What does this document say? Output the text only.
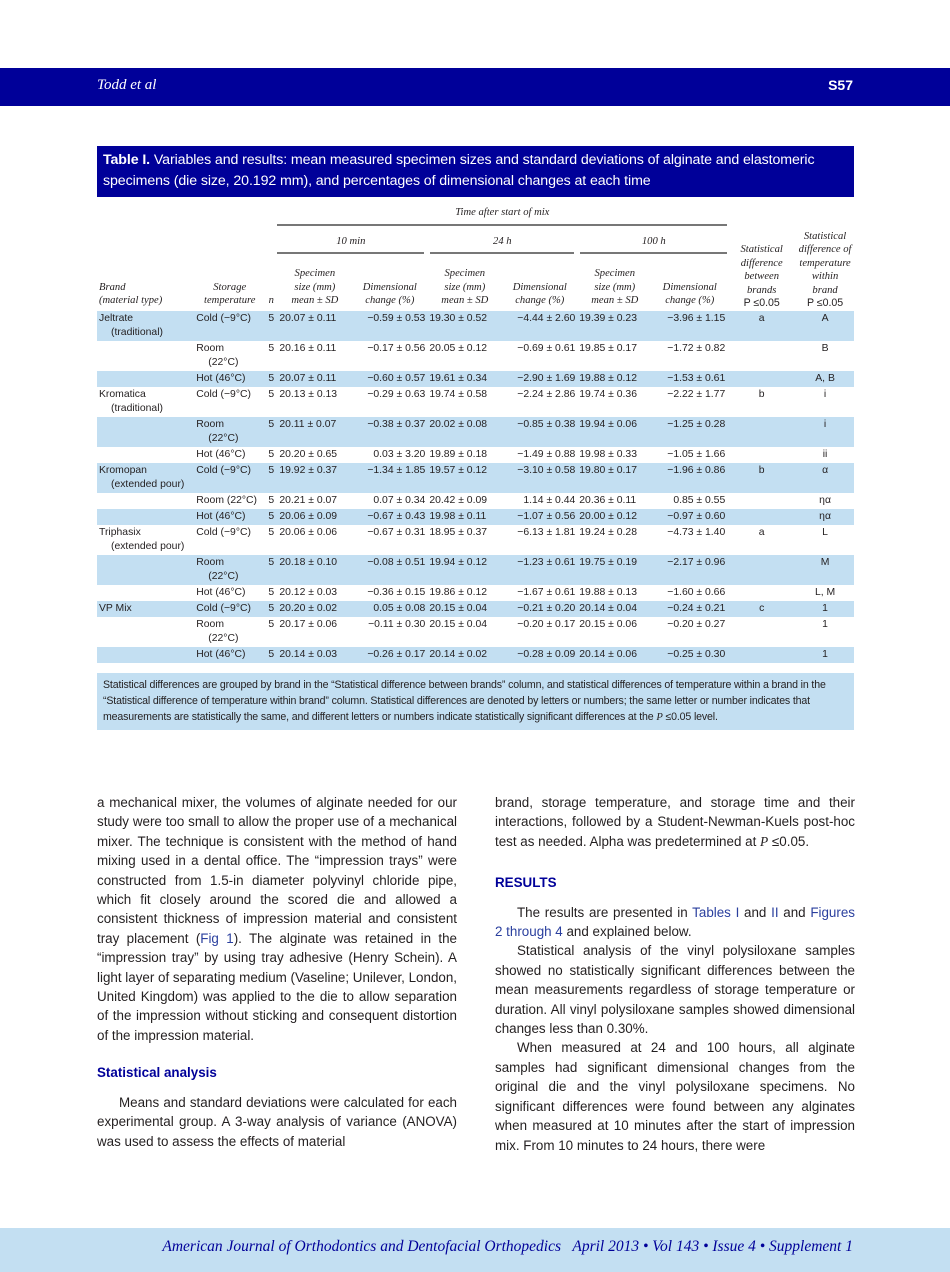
Todd et al	S57
Table I. Variables and results: mean measured specimen sizes and standard deviations of alginate and elastomeric specimens (die size, 20.192 mm), and percentages of dimensional changes at each time

			Time after start of mix							

			10 min		24 h		100 h		Statistical
difference
between
brands
P ≤0.05	Statistical
difference of
temperature
within brand
P ≤0.05
Brand
(material type)	Storage
temperature	n	Specimen
size (mm)
mean ± SD	Dimensional
change (%)	Specimen
size (mm)
mean ± SD	Dimensional
change (%)	Specimen
size (mm)
mean ± SD	Dimensional
change (%)		
Jeltrate
(traditional)	Cold (−9°C)	5	20.07 ± 0.11	−0.59 ± 0.53	19.30 ± 0.52	−4.44 ± 2.60	19.39 ± 0.23	−3.96 ± 1.15	a	A

	Room
(22°C)	5	20.16 ± 0.11	−0.17 ± 0.56	20.05 ± 0.12	−0.69 ± 0.61	19.85 ± 0.17	−1.72 ± 0.82		B

	Hot (46°C)	5	20.07 ± 0.11	−0.60 ± 0.57	19.61 ± 0.34	−2.90 ± 1.69	19.88 ± 0.12	−1.53 ± 0.61		A, B
Kromatica
(traditional)	Cold (−9°C)	5	20.13 ± 0.13	−0.29 ± 0.63	19.74 ± 0.58	−2.24 ± 2.86	19.74 ± 0.36	−2.22 ± 1.77	b	i

	Room
(22°C)	5	20.11 ± 0.07	−0.38 ± 0.37	20.02 ± 0.08	−0.85 ± 0.38	19.94 ± 0.06	−1.25 ± 0.28		i

	Hot (46°C)	5	20.20 ± 0.65	0.03 ± 3.20	19.89 ± 0.18	−1.49 ± 0.88	19.98 ± 0.33	−1.05 ± 1.66		ii
Kromopan
(extended pour)	Cold (−9°C)	5	19.92 ± 0.37	−1.34 ± 1.85	19.57 ± 0.12	−3.10 ± 0.58	19.80 ± 0.17	−1.96 ± 0.86	b	α

	Room (22°C)	5	20.21 ± 0.07	0.07 ± 0.34	20.42 ± 0.09	1.14 ± 0.44	20.36 ± 0.11	0.85 ± 0.55		ηα

	Hot (46°C)	5	20.06 ± 0.09	−0.67 ± 0.43	19.98 ± 0.11	−1.07 ± 0.56	20.00 ± 0.12	−0.97 ± 0.60		ηα
Triphasix
(extended pour)	Cold (−9°C)	5	20.06 ± 0.06	−0.67 ± 0.31	18.95 ± 0.37	−6.13 ± 1.81	19.24 ± 0.28	−4.73 ± 1.40	a	L

	Room
(22°C)	5	20.18 ± 0.10	−0.08 ± 0.51	19.94 ± 0.12	−1.23 ± 0.61	19.75 ± 0.19	−2.17 ± 0.96		M

	Hot (46°C)	5	20.12 ± 0.03	−0.36 ± 0.15	19.86 ± 0.12	−1.67 ± 0.61	19.88 ± 0.13	−1.60 ± 0.66		L, M
VP Mix	Cold (−9°C)	5	20.20 ± 0.02	0.05 ± 0.08	20.15 ± 0.04	−0.21 ± 0.20	20.14 ± 0.04	−0.24 ± 0.21	c	1

	Room
(22°C)	5	20.17 ± 0.06	−0.11 ± 0.30	20.15 ± 0.04	−0.20 ± 0.17	20.15 ± 0.06	−0.20 ± 0.27		1

	Hot (46°C)	5	20.14 ± 0.03	−0.26 ± 0.17	20.14 ± 0.02	−0.28 ± 0.09	20.14 ± 0.06	−0.25 ± 0.30		1
Statistical differences are grouped by brand in the “Statistical difference between brands” column, and statistical differences of temperature within a brand in the “Statistical difference of temperature within brand” column. Statistical differences are denoted by letters or numbers; the same letter or number indicates that measurements are statistically the same, and different letters or numbers indicate statistically significant differences at the P ≤0.05 level.

a mechanical mixer, the volumes of alginate needed for our study were too small to allow the proper use of a mechanical mixer. The technique is consistent with the method of hand mixing used in a dental office. The “impression trays” were constructed from 1.5-in diameter polyvinyl chloride pipe, which fit closely around the scored die and allowed a consistent thickness of impression material and consistent tray placement (Fig 1). The alginate was retained in the “impression tray” by using tray adhesive (Henry Schein). A light layer of separating medium (Vaseline; Unilever, London, United Kingdom) was applied to the die to allow separation of the impression without sticking and consequent distortion of the impression material.

Statistical analysis

Means and standard deviations were calculated for each experimental group. A 3-way analysis of variance (ANOVA) was used to assess the effects of material

brand, storage temperature, and storage time and their interactions, followed by a Student-Newman-Kuels post-hoc test as needed. Alpha was predetermined at P ≤0.05.

RESULTS

The results are presented in Tables I and II and Figures 2 through 4 and explained below.

Statistical analysis of the vinyl polysiloxane samples showed no statistically significant differences between the mean measurements regardless of storage temperature or duration. All vinyl polysiloxane samples showed dimensional changes less than 0.30%.

When measured at 24 and 100 hours, all alginate samples had significant dimensional changes from the original die and the vinyl polysiloxane specimens. No significant differences were found between any alginates when measured at 10 minutes after the start of impression mix. From 10 minutes to 24 hours, there were

American Journal of Orthodontics and Dentofacial Orthopedics   April 2013 • Vol 143 • Issue 4 • Supplement 1
